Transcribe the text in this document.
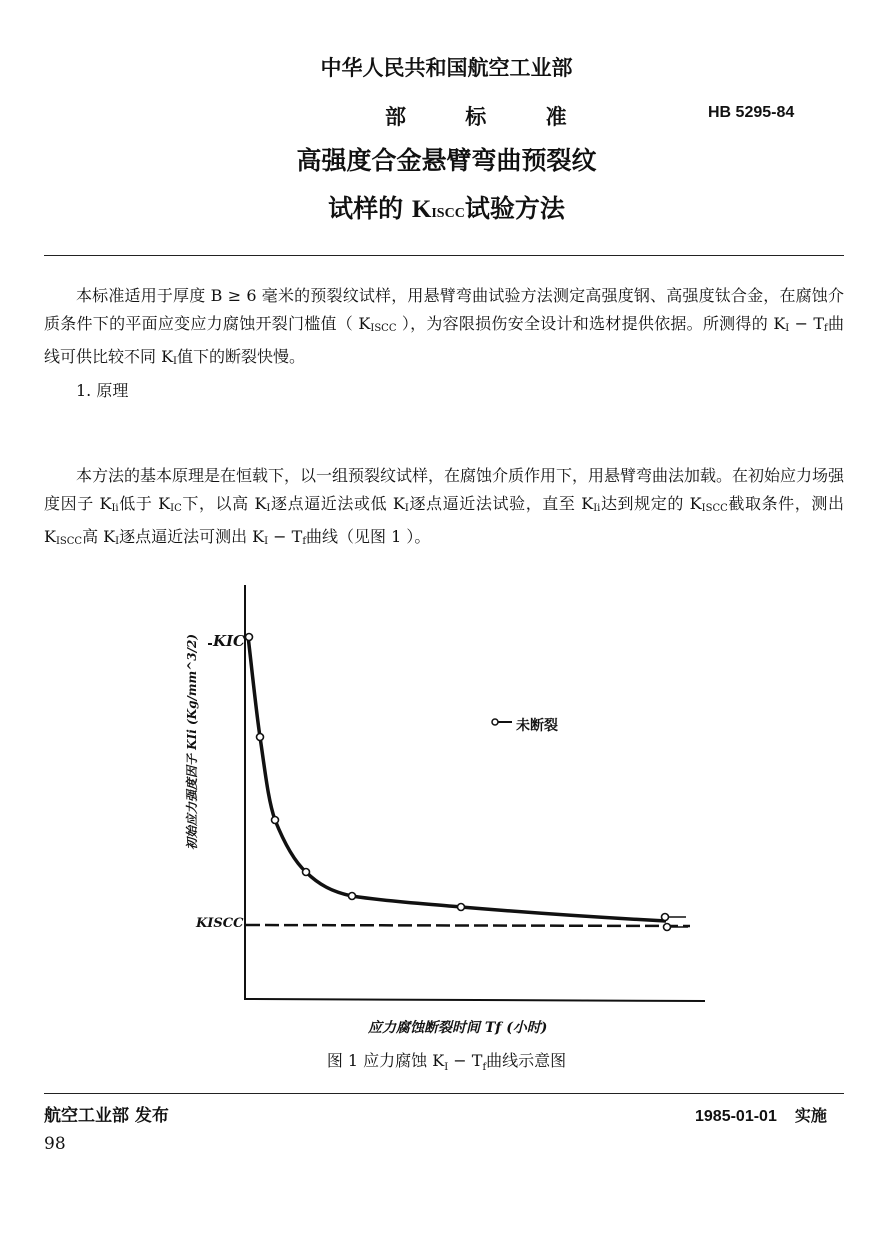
中华人民共和国航空工业部
部 标 准	HB 5295-84
高强度合金悬臂弯曲预裂纹
试样的 KISCC试验方法
本标准适用于厚度 B ≥ 6 毫米的预裂纹试样，用悬臂弯曲试验方法测定高强度钢、高强度钛合金，在腐蚀介质条件下的平面应变应力腐蚀开裂门槛值（ $K_{ISCC}$ ），为容限损伤安全设计和选材提供依据。所测得的 $K_I - T_f$曲线可供比较不同 $K_I$值下的断裂快慢。
1. 原理
本方法的基本原理是在恒载下，以一组预裂纹试样，在腐蚀介质作用下，用悬臂弯曲法加载。在初始应力场强度因子 $K_{Ii}$低于 $K_{IC}$下，以高 $K_I$逐点逼近法或低 $K_I$逐点逼近法试验，直至 $K_{Ii}$达到规定的 $K_{ISCC}$截取条件，测出 $K_{ISCC}$高 $K_I$逐点逼近法可测出 $K_I - T_f$曲线（见图 1 ）。
KIC
KISCC
初始应力强度因子 KIi (Kg/mm^3/2)	未断裂
应力腐蚀断裂时间 Tf (小时)
图 1 应力腐蚀 $K_I - T_f$曲线示意图
航空工业部 发布	1985-01-01 实施
98
